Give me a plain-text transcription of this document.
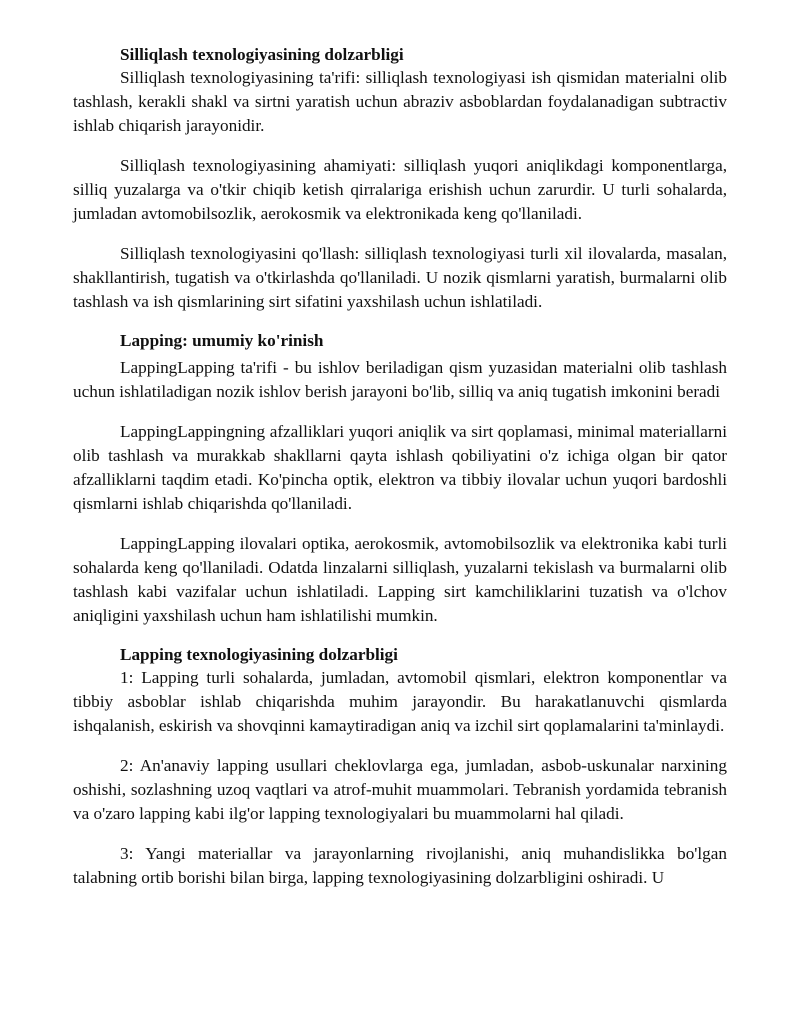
Silliqlash texnologiyasining dolzarbligi

Silliqlash texnologiyasining ta'rifi: silliqlash texnologiyasi ish qismidan materialni olib tashlash, kerakli shakl va sirtni yaratish uchun abraziv asboblardan foydalanadigan subtractiv ishlab chiqarish jarayonidir.

Silliqlash texnologiyasining ahamiyati: silliqlash yuqori aniqlikdagi komponentlarga, silliq yuzalarga va o'tkir chiqib ketish qirralariga erishish uchun zarurdir. U turli sohalarda, jumladan avtomobilsozlik, aerokosmik va elektronikada keng qo'llaniladi.

Silliqlash texnologiyasini qo'llash: silliqlash texnologiyasi turli xil ilovalarda, masalan, shakllantirish, tugatish va o'tkirlashda qo'llaniladi. U nozik qismlarni yaratish, burmalarni olib tashlash va ish qismlarining sirt sifatini yaxshilash uchun ishlatiladi.

Lapping: umumiy ko'rinish

LappingLapping ta'rifi - bu ishlov beriladigan qism yuzasidan materialni olib tashlash uchun ishlatiladigan nozik ishlov berish jarayoni bo'lib, silliq va aniq tugatish imkonini beradi

LappingLappingning afzalliklari yuqori aniqlik va sirt qoplamasi, minimal materiallarni olib tashlash va murakkab shakllarni qayta ishlash qobiliyatini o'z ichiga olgan bir qator afzalliklarni taqdim etadi. Ko'pincha optik, elektron va tibbiy ilovalar uchun yuqori bardoshli qismlarni ishlab chiqarishda qo'llaniladi.

LappingLapping ilovalari optika, aerokosmik, avtomobilsozlik va elektronika kabi turli sohalarda keng qo'llaniladi. Odatda linzalarni silliqlash, yuzalarni tekislash va burmalarni olib tashlash kabi vazifalar uchun ishlatiladi. Lapping sirt kamchiliklarini tuzatish va o'lchov aniqligini yaxshilash uchun ham ishlatilishi mumkin.

Lapping texnologiyasining dolzarbligi

1: Lapping turli sohalarda, jumladan, avtomobil qismlari, elektron komponentlar va tibbiy asboblar ishlab chiqarishda muhim jarayondir. Bu harakatlanuvchi qismlarda ishqalanish, eskirish va shovqinni kamaytiradigan aniq va izchil sirt qoplamalarini ta'minlaydi.

2: An'anaviy lapping usullari cheklovlarga ega, jumladan, asbob-uskunalar narxining oshishi, sozlashning uzoq vaqtlari va atrof-muhit muammolari. Tebranish yordamida tebranish va o'zaro lapping kabi ilg'or lapping texnologiyalari bu muammolarni hal qiladi.

3: Yangi materiallar va jarayonlarning rivojlanishi, aniq muhandislikka bo'lgan talabning ortib borishi bilan birga, lapping texnologiyasining dolzarbligini oshiradi. U
